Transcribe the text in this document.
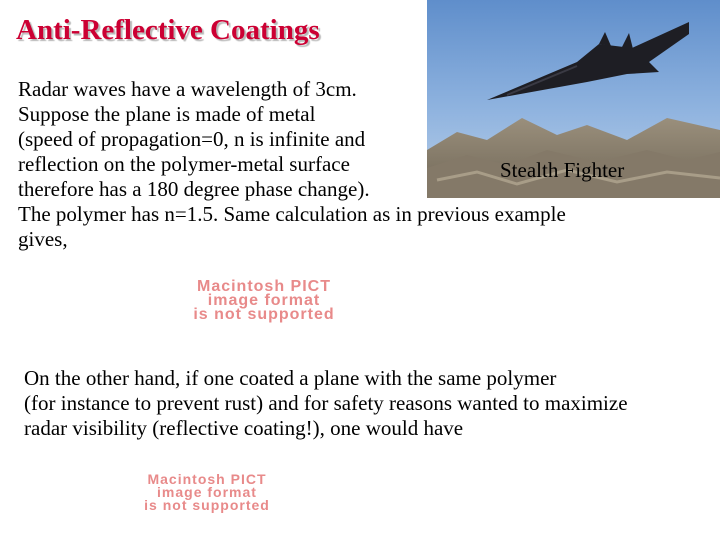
Anti-Reflective Coatings
Stealth Fighter
Radar waves have a wavelength of 3cm.
Suppose the plane is made of metal
(speed of propagation=0, n is infinite and
reflection on the polymer-metal surface
therefore has a 180 degree phase change).
The polymer has n=1.5. Same calculation as in previous example
gives,
Macintosh PICT
image format
is not supported
On the other hand, if one coated a plane with the same polymer
(for instance to prevent rust) and for safety reasons wanted to maximize
radar visibility (reflective coating!), one would have
Macintosh PICT
image format
is not supported
